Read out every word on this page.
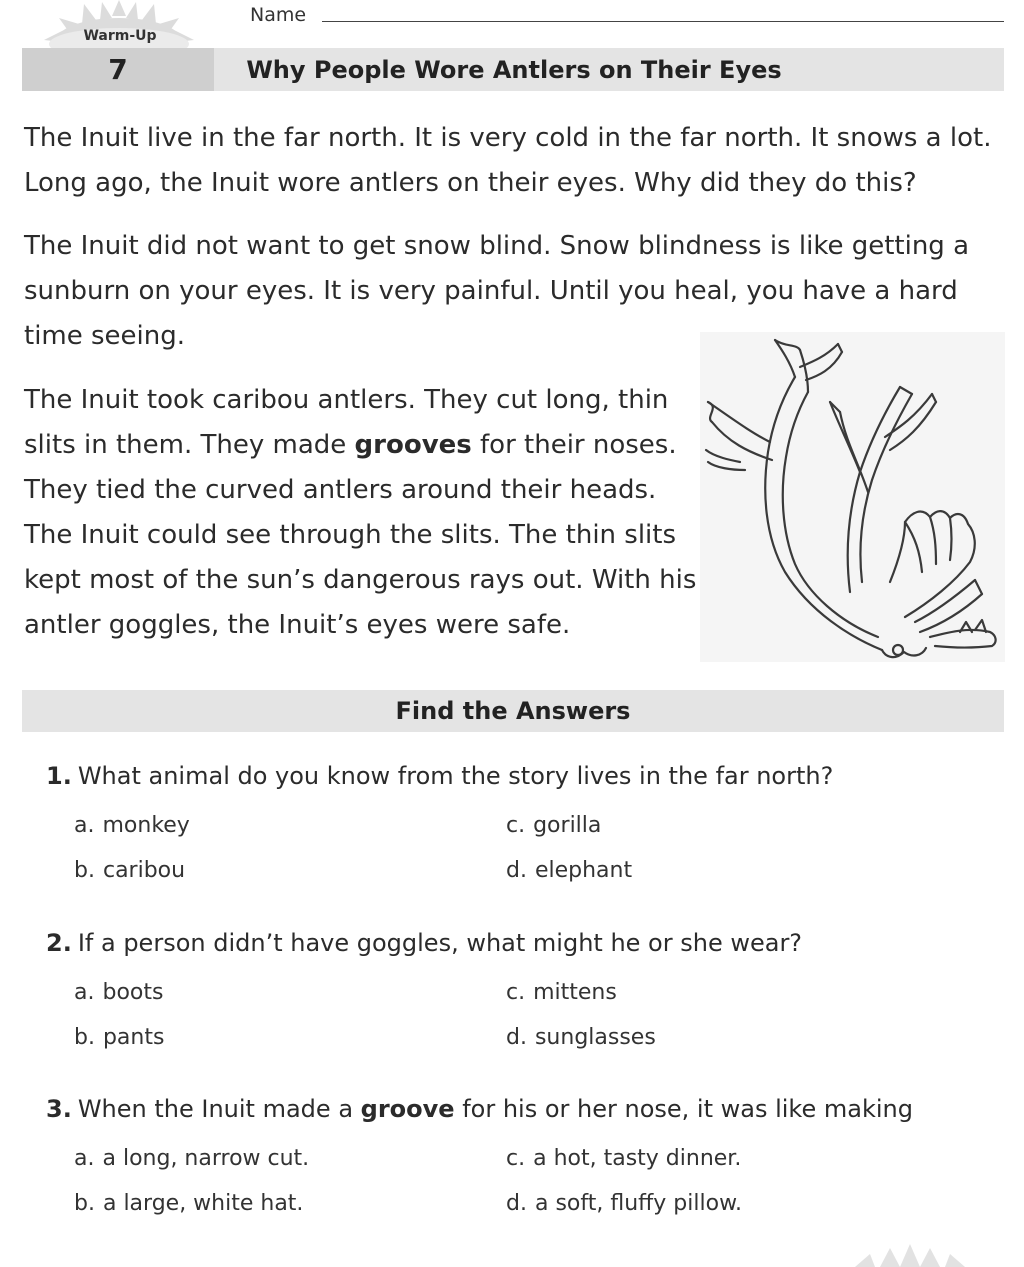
Warm-Up
Name
7	Why People Wore Antlers on Their Eyes

The Inuit live in the far north. It is very cold in the far north. It snows a lot. Long ago, the Inuit wore antlers on their eyes. Why did they do this?

The Inuit did not want to get snow blind. Snow blindness is like getting a sunburn on your eyes. It is very painful. Until you heal, you have a hard time seeing.

The Inuit took caribou antlers. They cut long, thin slits in them. They made grooves for their noses. They tied the curved antlers around their heads. The Inuit could see through the slits. The thin slits kept most of the sun’s dangerous rays out. With his antler goggles, the Inuit’s eyes were safe.

Find the Answers
1. What animal do you know from the story lives in the far north?
a. monkey
b. caribou
c. gorilla
d. elephant
2. If a person didn’t have goggles, what might he or she wear?
a. boots
b. pants
c. mittens
d. sunglasses
3. When the Inuit made a groove for his or her nose, it was like making
a. a long, narrow cut.
b. a large, white hat.
c. a hot, tasty dinner.
d. a soft, fluffy pillow.
